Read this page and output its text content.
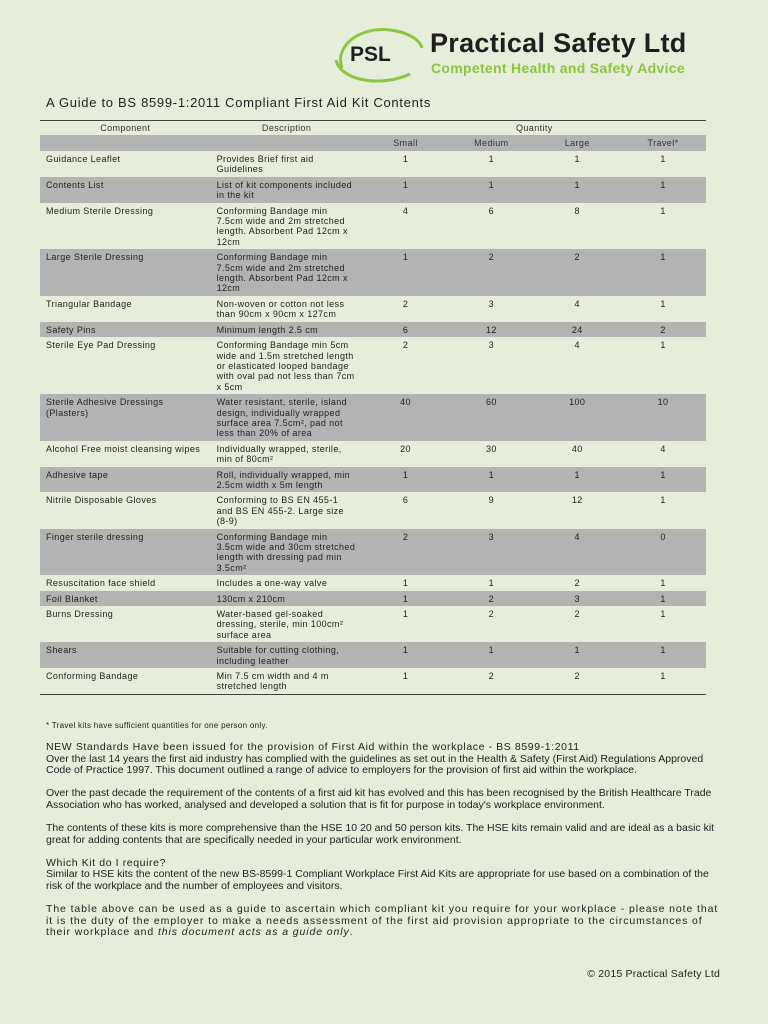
PSL Practical Safety Ltd
Competent Health and Safety Advice
A Guide to BS 8599-1:2011 Compliant First Aid Kit Contents
Component	Description	Quantity			
		Small	Medium	Large	Travel*
Guidance Leaflet	Provides Brief first aid Guidelines	1	1	1	1
Contents List	List of kit components included in the kit	1	1	1	1
Medium Sterile Dressing	Conforming Bandage min 7.5cm wide and 2m stretched length. Absorbent Pad 12cm x 12cm	4	6	8	1
Large Sterile Dressing	Conforming Bandage min 7.5cm wide and 2m stretched length. Absorbent Pad 12cm x 12cm	1	2	2	1
Triangular Bandage	Non-woven or cotton not less than 90cm x 90cm x 127cm	2	3	4	1
Safety Pins	Minimum length 2.5 cm	6	12	24	2
Sterile Eye Pad Dressing	Conforming Bandage min 5cm wide and 1.5m stretched length or elasticated looped bandage with oval pad not less than 7cm x 5cm	2	3	4	1
Sterile Adhesive Dressings (Plasters)	Water resistant, sterile, island design, individually wrapped surface area 7.5cm², pad not less than 20% of area	40	60	100	10
Alcohol Free moist cleansing wipes	Individually wrapped, sterile, min of 80cm²	20	30	40	4
Adhesive tape	Roll, individually wrapped, min 2.5cm width x 5m length	1	1	1	1
Nitrile Disposable Gloves	Conforming to BS EN 455-1 and BS EN 455-2. Large size (8-9)	6	9	12	1
Finger sterile dressing	Conforming Bandage min 3.5cm wide and 30cm stretched length with dressing pad min 3.5cm²	2	3	4	0
Resuscitation face shield	Includes a one-way valve	1	1	2	1
Foil Blanket	130cm x 210cm	1	2	3	1
Burns Dressing	Water-based gel-soaked dressing, sterile, min 100cm² surface area	1	2	2	1
Shears	Suitable for cutting clothing, including leather	1	1	1	1
Conforming Bandage	Min 7.5 cm width and 4 m stretched length	1	2	2	1
* Travel kits have sufficient quantities for one person only.

NEW Standards Have been issued for the provision of First Aid within the workplace - BS 8599-1:2011
Over the last 14 years the first aid industry has complied with the guidelines as set out in the Health & Safety (First Aid) Regulations Approved Code of Practice 1997. This document outlined a range of advice to employers for the provision of first aid within the workplace.

Over the past decade the requirement of the contents of a first aid kit has evolved and this has been recognised by the British Healthcare Trade Association who has worked, analysed and developed a solution that is fit for purpose in today's workplace environment.

The contents of these kits is more comprehensive than the HSE 10 20 and 50 person kits. The HSE kits remain valid and are ideal as a basic kit great for adding contents that are specifically needed in your particular work environment.

Which Kit do I require?
Similar to HSE kits the content of the new BS-8599-1 Compliant Workplace First Aid Kits are appropriate for use based on a combination of the risk of the workplace and the number of employees and visitors.

The table above can be used as a guide to ascertain which compliant kit you require for your workplace - please note that it is the duty of the employer to make a needs assessment of the first aid provision appropriate to the circumstances of their workplace and this document acts as a guide only.

© 2015 Practical Safety Ltd
